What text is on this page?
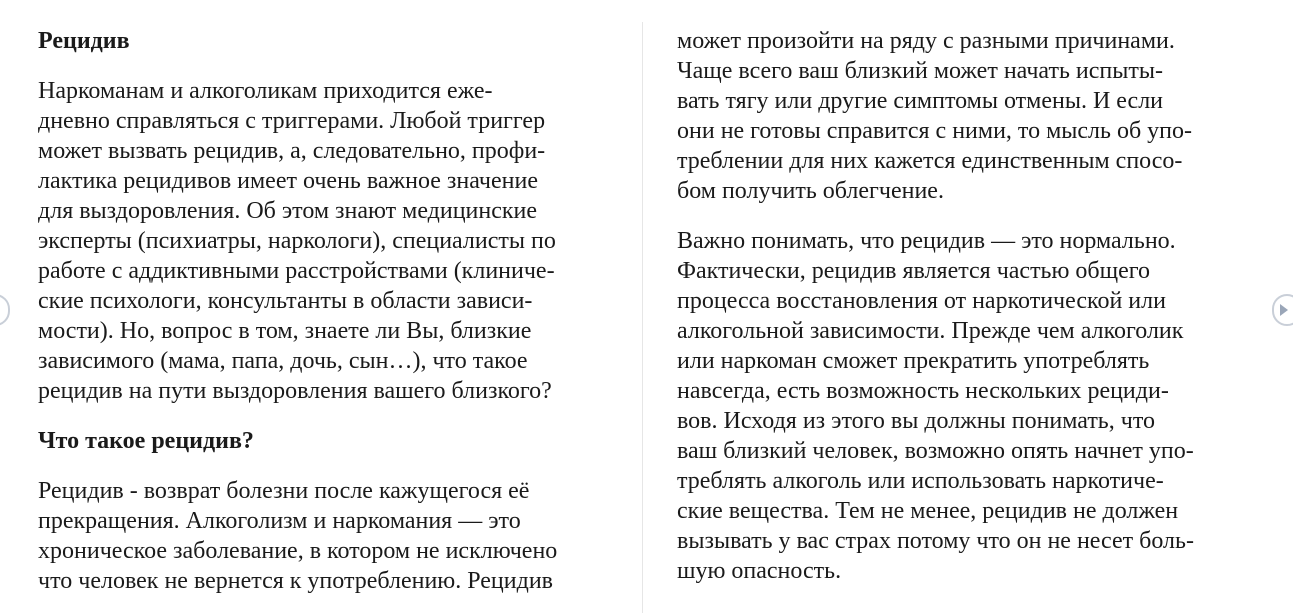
Рецидив
Наркоманам и алкоголикам приходится еже-
дневно справляться с триггерами. Любой триггер
может вызвать рецидив, а, следовательно, профи-
лактика рецидивов имеет очень важное значение
для выздоровления. Об этом знают медицинские
эксперты (психиатры, наркологи), специалисты по
работе с аддиктивными расстройствами (клиниче-
ские психологи, консультанты в области зависи-
мости). Но, вопрос в том, знаете ли Вы, близкие
зависимого (мама, папа, дочь, сын…), что такое
рецидив на пути выздоровления вашего близкого?
Что такое рецидив?
Рецидив - возврат болезни после кажущегося её
прекращения. Алкоголизм и наркомания — это
хроническое заболевание, в котором не исключено
что человек не вернется к употреблению. Рецидив
может произойти на ряду с разными причинами.
Чаще всего ваш близкий может начать испыты-
вать тягу или другие симптомы отмены. И если
они не готовы справится с ними, то мысль об упо-
треблении для них кажется единственным спосо-
бом получить облегчение.
Важно понимать, что рецидив — это нормально.
Фактически, рецидив является частью общего
процесса восстановления от наркотической или
алкогольной зависимости. Прежде чем алкоголик
или наркоман сможет прекратить употреблять
навсегда, есть возможность нескольких рециди-
вов. Исходя из этого вы должны понимать, что
ваш близкий человек, возможно опять начнет упо-
треблять алкоголь или использовать наркотиче-
ские вещества. Тем не менее, рецидив не должен
вызывать у вас страх потому что он не несет боль-
шую опасность.
